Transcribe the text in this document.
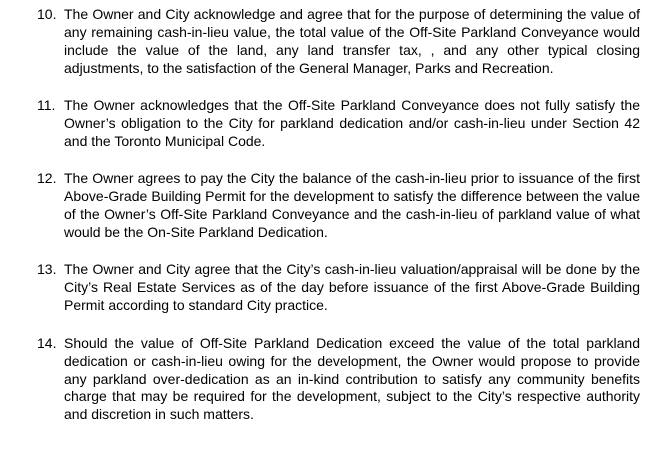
10. The Owner and City acknowledge and agree that for the purpose of determining the value of any remaining cash-in-lieu value, the total value of the Off-Site Parkland Conveyance would include the value of the land, any land transfer tax, , and any other typical closing adjustments, to the satisfaction of the General Manager, Parks and Recreation.
11. The Owner acknowledges that the Off-Site Parkland Conveyance does not fully satisfy the Owner’s obligation to the City for parkland dedication and/or cash-in-lieu under Section 42 and the Toronto Municipal Code.
12. The Owner agrees to pay the City the balance of the cash-in-lieu prior to issuance of the first Above-Grade Building Permit for the development to satisfy the difference between the value of the Owner’s Off-Site Parkland Conveyance and the cash-in-lieu of parkland value of what would be the On-Site Parkland Dedication.
13. The Owner and City agree that the City’s cash-in-lieu valuation/appraisal will be done by the City’s Real Estate Services as of the day before issuance of the first Above-Grade Building Permit according to standard City practice.
14. Should the value of Off-Site Parkland Dedication exceed the value of the total parkland dedication or cash-in-lieu owing for the development, the Owner would propose to provide any parkland over-dedication as an in-kind contribution to satisfy any community benefits charge that may be required for the development, subject to the City’s respective authority and discretion in such matters.
